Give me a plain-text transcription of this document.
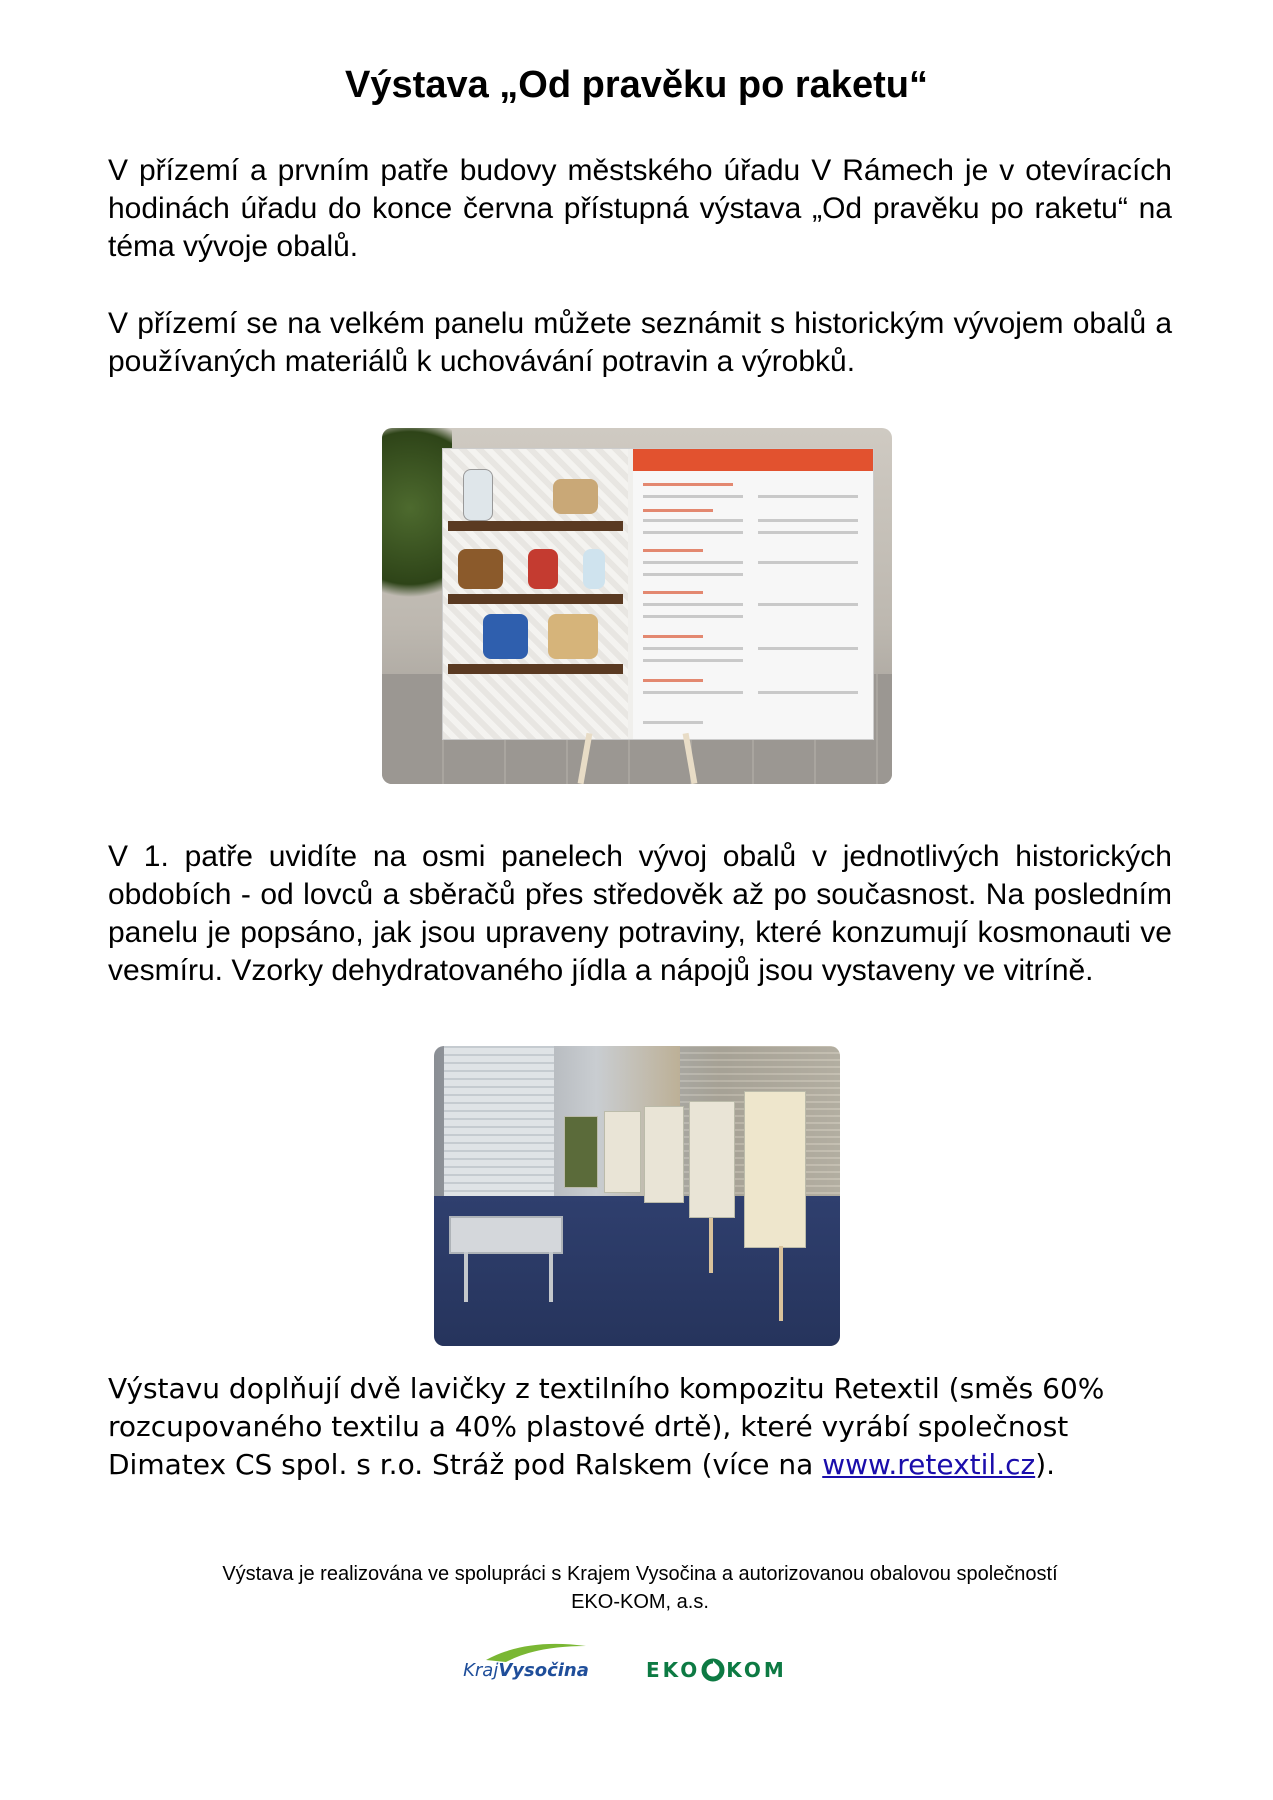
Výstava „Od pravěku po raketu“
V přízemí a prvním patře budovy městského úřadu V Rámech je v otevíracích hodinách úřadu do konce června přístupná výstava „Od pravěku po raketu“ na téma vývoje obalů.
V přízemí se na velkém panelu můžete seznámit s historickým vývojem obalů a používaných materiálů k uchovávání potravin a výrobků.
V 1. patře uvidíte na osmi panelech vývoj obalů v jednotlivých historických obdobích - od lovců a sběračů přes středověk až po současnost. Na posledním panelu je popsáno, jak jsou upraveny potraviny, které konzumují kosmonauti ve vesmíru. Vzorky dehydratovaného jídla a nápojů jsou vystaveny ve vitríně.
Výstavu doplňují dvě lavičky z textilního kompozitu Retextil (směs 60% rozcupovaného textilu a 40% plastové drtě), které vyrábí společnost Dimatex CS spol. s r.o. Stráž pod Ralskem (více na www.retextil.cz).
Výstava je realizována ve spolupráci s Krajem Vysočina a autorizovanou obalovou společností
EKO-KOM, a.s.
KrajVysočina	EKO KOM
